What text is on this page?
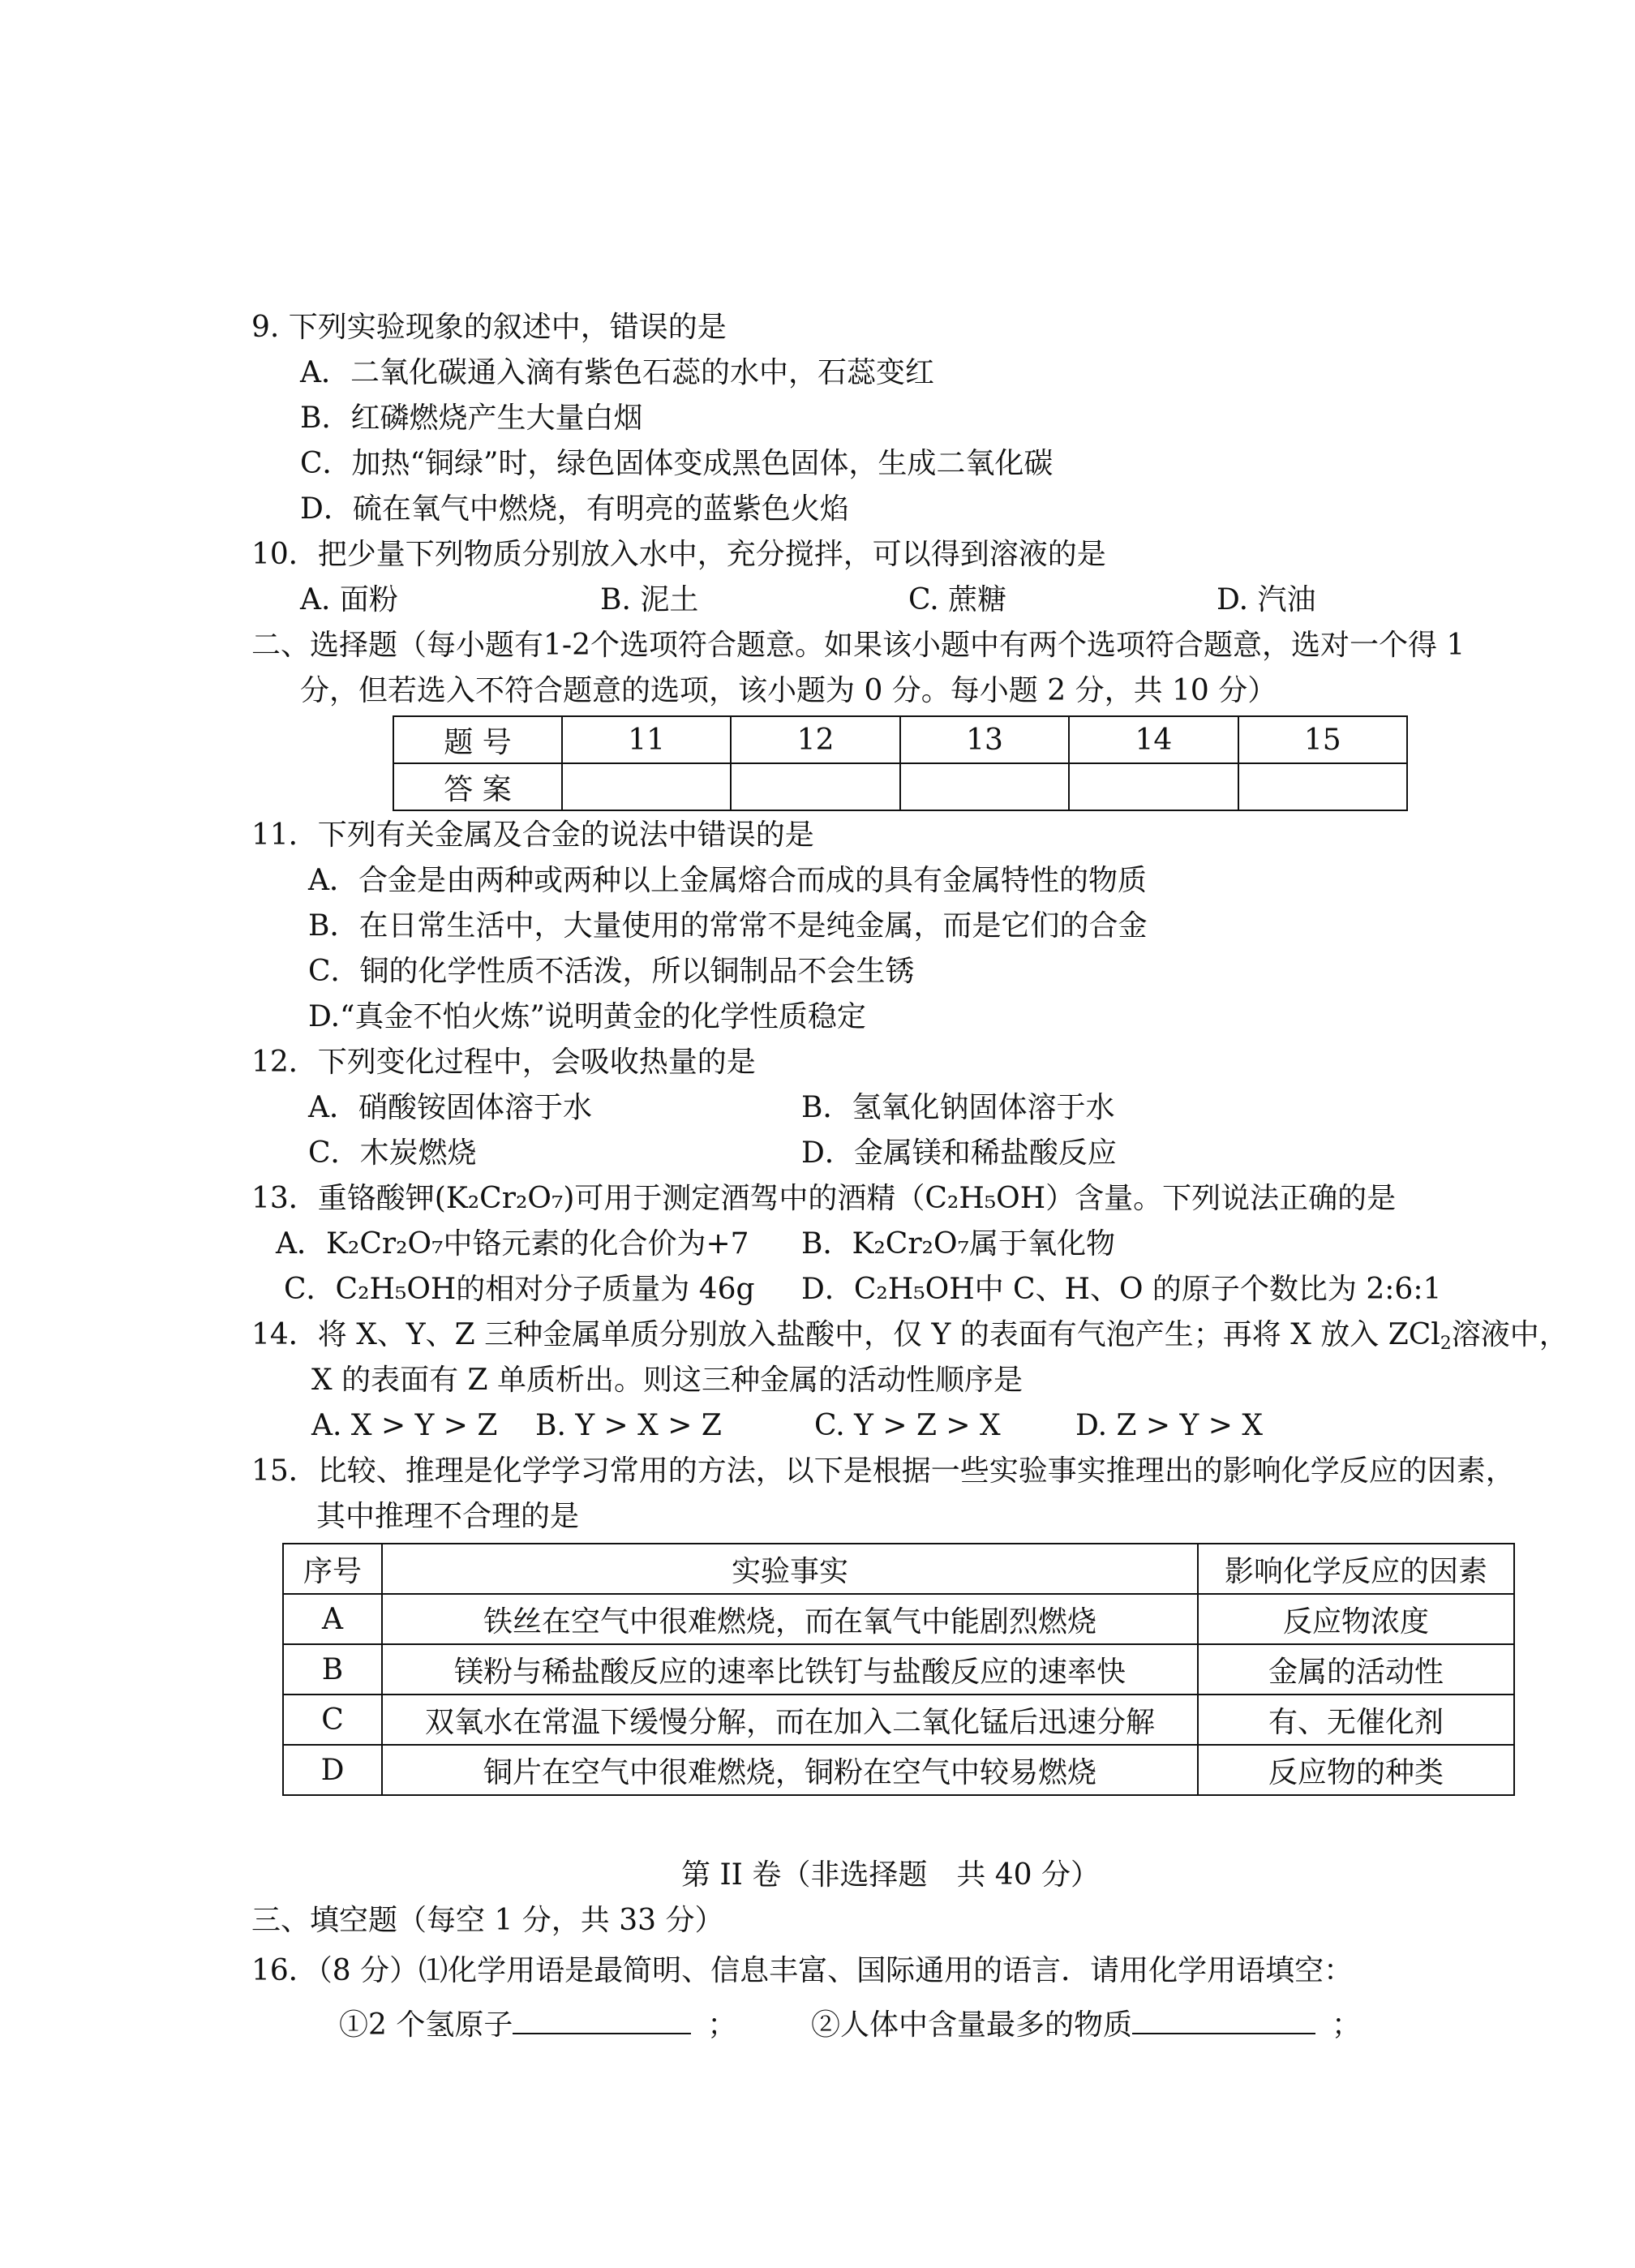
9. 下列实验现象的叙述中，错误的是
A．二氧化碳通入滴有紫色石蕊的水中，石蕊变红
B．红磷燃烧产生大量白烟
C．加热“铜绿”时，绿色固体变成黑色固体，生成二氧化碳
D．硫在氧气中燃烧，有明亮的蓝紫色火焰
10．把少量下列物质分别放入水中，充分搅拌，可以得到溶液的是
A. 面粉	B. 泥土	C. 蔗糖	D. 汽油
二、选择题（每小题有1-2个选项符合题意。如果该小题中有两个选项符合题意，选对一个得 1
分，但若选入不符合题意的选项，该小题为 0 分。每小题 2 分，共 10 分）
题 号	11	12	13	14	15
答 案					
11．下列有关金属及合金的说法中错误的是
A．合金是由两种或两种以上金属熔合而成的具有金属特性的物质
B．在日常生活中，大量使用的常常不是纯金属，而是它们的合金
C．铜的化学性质不活泼，所以铜制品不会生锈
D.“真金不怕火炼”说明黄金的化学性质稳定
12．下列变化过程中，会吸收热量的是
A．硝酸铵固体溶于水	B．氢氧化钠固体溶于水
C．木炭燃烧	D．金属镁和稀盐酸反应
13．重铬酸钾(K₂Cr₂O₇)可用于测定酒驾中的酒精（C₂H₅OH）含量。下列说法正确的是
A．K₂Cr₂O₇中铬元素的化合价为+7 B．K₂Cr₂O₇属于氧化物
C．C₂H₅OH的相对分子质量为 46g D．C₂H₅OH中 C、H、O 的原子个数比为 2:6:1
14．将 X、Y、Z 三种金属单质分别放入盐酸中，仅 Y 的表面有气泡产生；再将 X 放入 ZCl$_2$溶液中，
X 的表面有 Z 单质析出。则这三种金属的活动性顺序是
A. X > Y > Z B. Y > X > Z	C. Y > Z > X	D. Z > Y > X
15．比较、推理是化学学习常用的方法，以下是根据一些实验事实推理出的影响化学反应的因素，
其中推理不合理的是
序号	实验事实	影响化学反应的因素
A	铁丝在空气中很难燃烧，而在氧气中能剧烈燃烧	反应物浓度
B	镁粉与稀盐酸反应的速率比铁钉与盐酸反应的速率快	金属的活动性
C	双氧水在常温下缓慢分解，而在加入二氧化锰后迅速分解	有、无催化剂
D	铜片在空气中很难燃烧，铜粉在空气中较易燃烧	反应物的种类
第 II 卷（非选择题　共 40 分）
三、填空题（每空 1 分，共 33 分）
16．（8 分）⑴化学用语是最简明、信息丰富、国际通用的语言．请用化学用语填空：
①2 个氢原子	；	②人体中含量最多的物质	；
